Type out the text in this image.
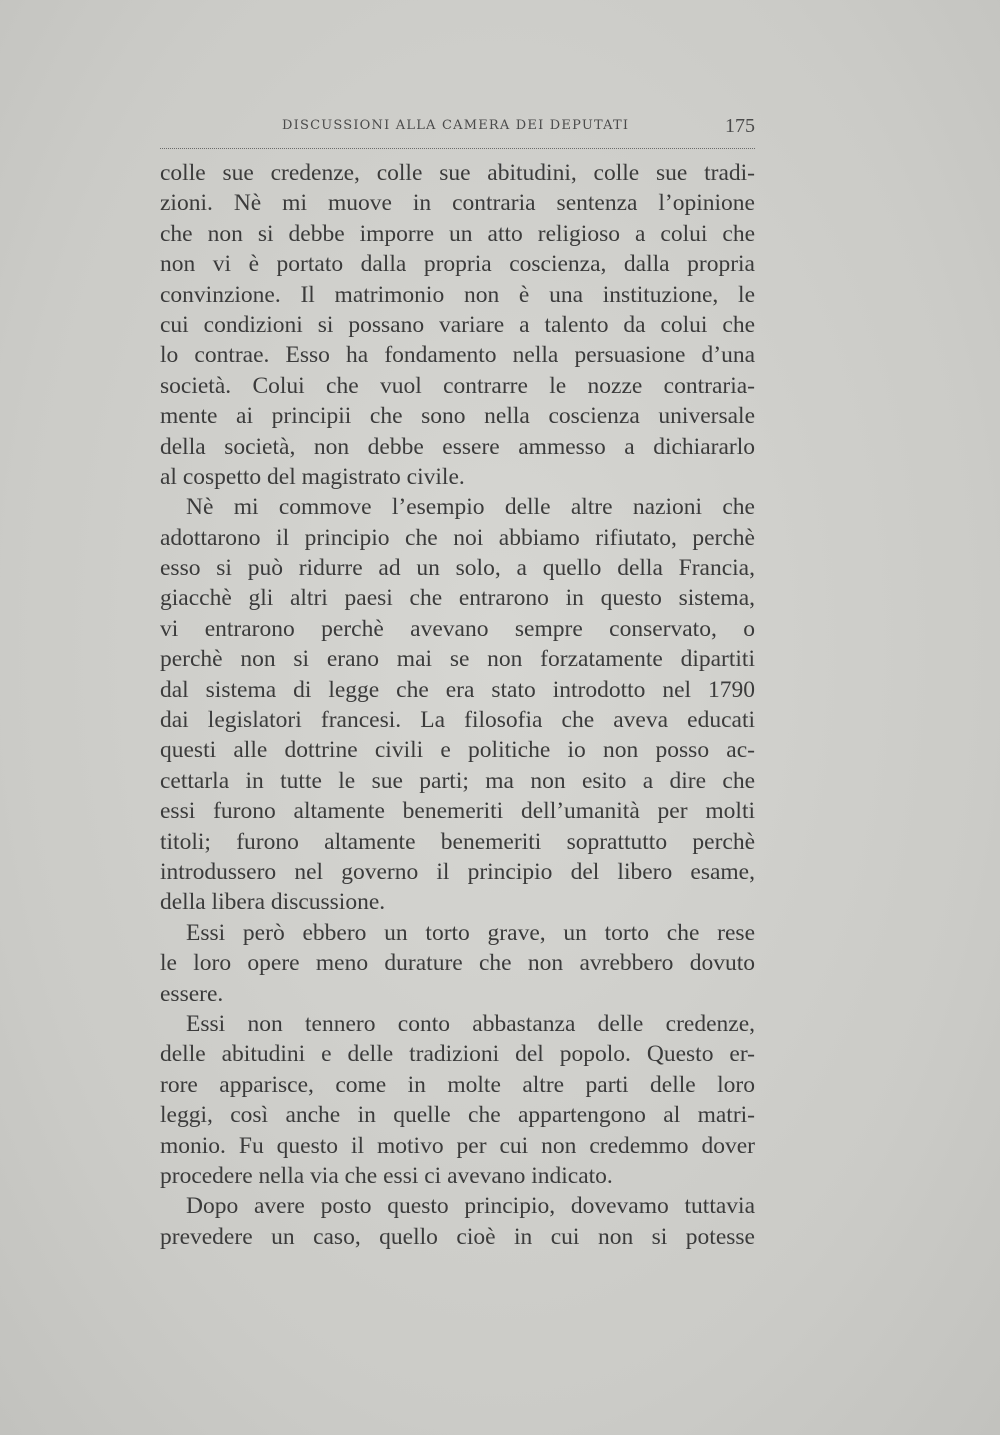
DISCUSSIONI ALLA CAMERA DEI DEPUTATI	175
colle sue credenze, colle sue abitudini, colle sue tradi-
zioni. Nè mi muove in contraria sentenza l’opinione
che non si debbe imporre un atto religioso a colui che
non vi è portato dalla propria coscienza, dalla propria
convinzione. Il matrimonio non è una instituzione, le
cui condizioni si possano variare a talento da colui che
lo contrae. Esso ha fondamento nella persuasione d’una
società. Colui che vuol contrarre le nozze contraria-
mente ai principii che sono nella coscienza universale
della società, non debbe essere ammesso a dichiararlo
al cospetto del magistrato civile.
Nè mi commove l’esempio delle altre nazioni che
adottarono il principio che noi abbiamo rifiutato, perchè
esso si può ridurre ad un solo, a quello della Francia,
giacchè gli altri paesi che entrarono in questo sistema,
vi entrarono perchè avevano sempre conservato, o
perchè non si erano mai se non forzatamente dipartiti
dal sistema di legge che era stato introdotto nel 1790
dai legislatori francesi. La filosofia che aveva educati
questi alle dottrine civili e politiche io non posso ac-
cettarla in tutte le sue parti; ma non esito a dire che
essi furono altamente benemeriti dell’umanità per molti
titoli; furono altamente benemeriti soprattutto perchè
introdussero nel governo il principio del libero esame,
della libera discussione.
Essi però ebbero un torto grave, un torto che rese
le loro opere meno durature che non avrebbero dovuto
essere.
Essi non tennero conto abbastanza delle credenze,
delle abitudini e delle tradizioni del popolo. Questo er-
rore apparisce, come in molte altre parti delle loro
leggi, così anche in quelle che appartengono al matri-
monio. Fu questo il motivo per cui non credemmo dover
procedere nella via che essi ci avevano indicato.
Dopo avere posto questo principio, dovevamo tuttavia
prevedere un caso, quello cioè in cui non si potesse
